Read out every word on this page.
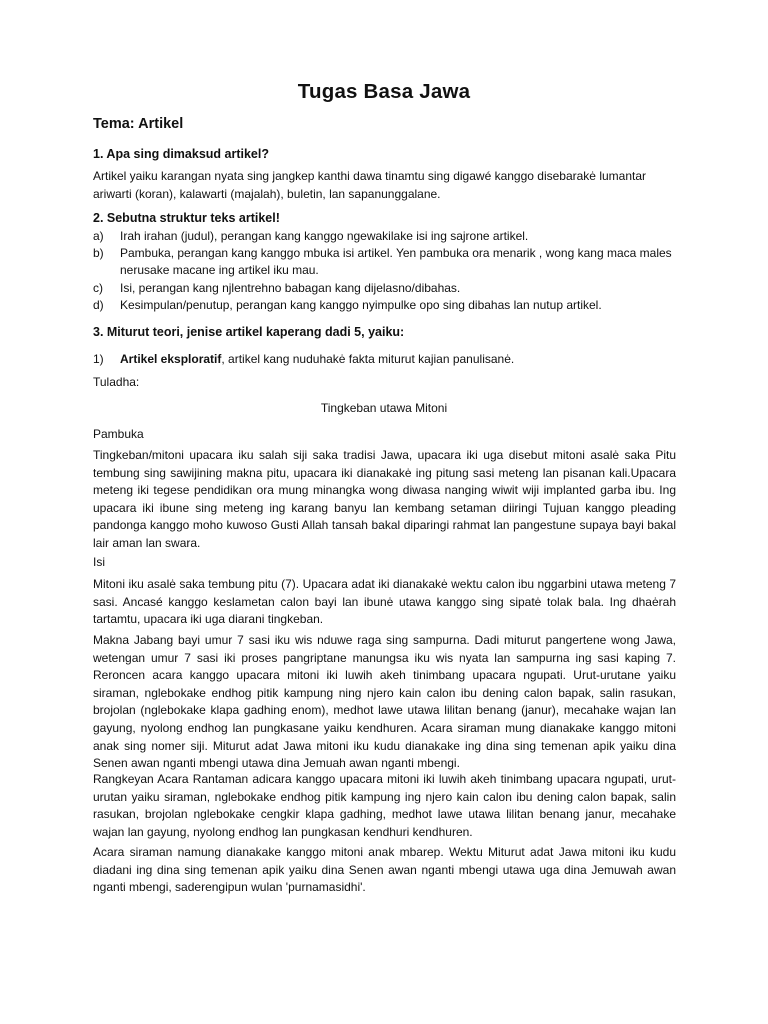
Tugas Basa Jawa
Tema: Artikel
1. Apa sing dimaksud artikel?
Artikel yaiku karangan nyata sing jangkep kanthi dawa tinamtu sing digawé kanggo disebarakė lumantar ariwarti (koran), kalawarti (majalah), buletin, lan sapanunggalane.
2. Sebutna struktur teks artikel!
a) Irah irahan (judul), perangan kang kanggo ngewakilake isi ing sajrone artikel.
b) Pambuka, perangan kang kanggo mbuka isi artikel. Yen pambuka ora menarik , wong kang maca males nerusake macane ing artikel iku mau.
c) Isi, perangan kang njlentrehno babagan kang dijelasno/dibahas.
d) Kesimpulan/penutup, perangan kang kanggo nyimpulke opo sing dibahas lan nutup artikel.
3. Miturut teori, jenise artikel kaperang dadi 5, yaiku:
1) Artikel eksploratif, artikel kang nuduhakė fakta miturut kajian panulisanė.
Tuladha:
Tingkeban utawa Mitoni
Pambuka
Tingkeban/mitoni upacara iku salah siji saka tradisi Jawa, upacara iki uga disebut mitoni asalė saka Pitu tembung sing sawijining makna pitu, upacara iki dianakakė ing pitung sasi meteng lan pisanan kali.Upacara meteng iki tegese pendidikan ora mung minangka wong diwasa nanging wiwit wiji implanted garba ibu. Ing upacara iki ibune sing meteng ing karang banyu lan kembang setaman diiringi Tujuan kanggo pleading pandonga kanggo moho kuwoso Gusti Allah tansah bakal diparingi rahmat lan pangestune supaya bayi bakal lair aman lan swara.
Isi
Mitoni iku asalė saka tembung pitu (7). Upacara adat iki dianakakė wektu calon ibu nggarbini utawa meteng 7 sasi. Ancasé kanggo keslametan calon bayi lan ibunė utawa kanggo sing sipatė tolak bala. Ing dhaėrah tartamtu, upacara iki uga diarani tingkeban.
Makna Jabang bayi umur 7 sasi iku wis nduwe raga sing sampurna. Dadi miturut pangertene wong Jawa, wetengan umur 7 sasi iki proses pangriptane manungsa iku wis nyata lan sampurna ing sasi kaping 7. Reroncen acara kanggo upacara mitoni iki luwih akeh tinimbang upacara ngupati. Urut-urutane yaiku siraman, nglebokake endhog pitik kampung ning njero kain calon ibu dening calon bapak, salin rasukan, brojolan (nglebokake klapa gadhing enom), medhot lawe utawa lilitan benang (janur), mecahake wajan lan gayung, nyolong endhog lan pungkasane yaiku kendhuren. Acara siraman mung dianakake kanggo mitoni anak sing nomer siji. Miturut adat Jawa mitoni iku kudu dianakake ing dina sing temenan apik yaiku dina Senen awan nganti mbengi utawa dina Jemuah awan nganti mbengi.
Rangkeyan Acara Rantaman adicara kanggo upacara mitoni iki luwih akeh tinimbang upacara ngupati, urut-urutan yaiku siraman, nglebokake endhog pitik kampung ing njero kain calon ibu dening calon bapak, salin rasukan, brojolan nglebokake cengkir klapa gadhing, medhot lawe utawa lilitan benang janur, mecahake wajan lan gayung, nyolong endhog lan pungkasan kendhuri kendhuren.
Acara siraman namung dianakake kanggo mitoni anak mbarep. Wektu Miturut adat Jawa mitoni iku kudu diadani ing dina sing temenan apik yaiku dina Senen awan nganti mbengi utawa uga dina Jemuwah awan nganti mbengi, saderengipun wulan 'purnamasidhi'.
